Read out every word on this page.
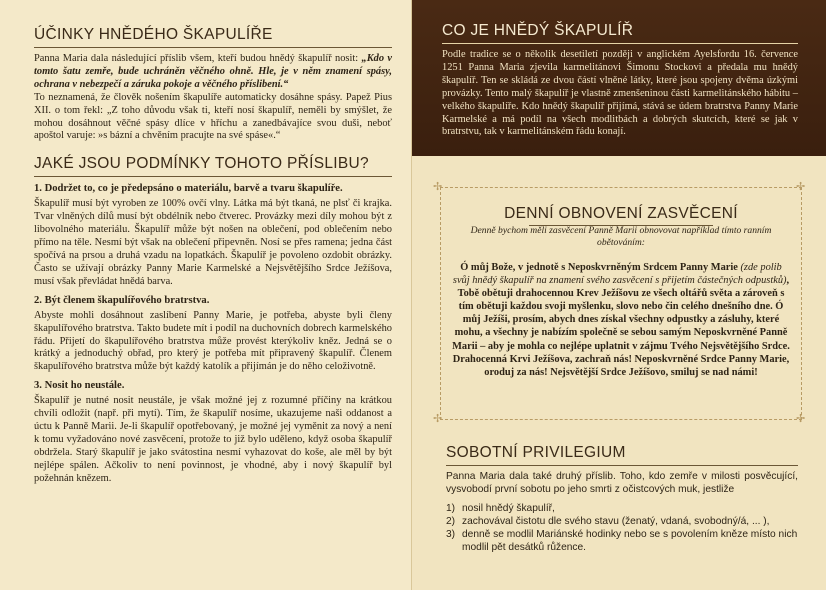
ÚČINKY HNĚDÉHO ŠKAPULÍŘE

Panna Maria dala následující příslib všem, kteří budou hnědý škapulíř nosit: „Kdo v tomto šatu zemře, bude uchráněn věčného ohně. Hle, je v něm znamení spásy, ochrana v nebezpečí a záruka pokoje a věčného příslibení.“

To neznamená, že člověk nošením škapulíře automaticky dosáhne spásy. Papež Pius XII. o tom řekl: „Z toho důvodu však ti, kteří nosí škapulíř, neměli by smýšlet, že mohou dosáhnout věčné spásy dlíce v hříchu a zanedbávajíce svou duši, neboť apoštol varuje: »s bázní a chvěním pracujte na své spáse«.“

JAKÉ JSOU PODMÍNKY TOHOTO PŘÍSLIBU?
1. Dodržet to, co je předepsáno o materiálu, barvě a tvaru škapulíře.

Škapulíř musí být vyroben ze 100% ovčí vlny. Látka má být tkaná, ne plsť či krajka. Tvar vlněných dílů musí být obdélník nebo čtverec. Provázky mezi díly mohou být z libovolného materiálu. Škapulíř může být nošen na oblečení, pod oblečením nebo přímo na těle. Nesmí být však na oblečení připevněn. Nosí se přes ramena; jedna část spočívá na prsou a druhá vzadu na lopatkách. Škapulíř je povoleno ozdobit obrázky. Často se užívají obrázky Panny Marie Karmelské a Nejsvětějšího Srdce Ježíšova, musí však převládat hnědá barva.

2. Být členem škapulířového bratrstva.

Abyste mohli dosáhnout zaslíbení Panny Marie, je potřeba, abyste byli členy škapulířového bratrstva. Takto budete mít i podíl na duchovních dobrech karmelského řádu. Přijetí do škapulířového bratrstva může provést kterýkoliv kněz. Jedná se o krátký a jednoduchý obřad, pro který je potřeba mít připravený škapulíř. Členem škapulířového bratrstva může být každý katolík a přijímán je do něho celoživotně.

3. Nosit ho neustále.

Škapulíř je nutné nosit neustále, je však možné jej z rozumné příčiny na krátkou chvíli odložit (např. při mytí). Tím, že škapulíř nosíme, ukazujeme naši oddanost a úctu k Panně Marii. Je-li škapulíř opotřebovaný, je možné jej vyměnit za nový a není k tomu vyžadováno nové zasvěcení, protože to již bylo uděleno, když osoba škapulíř obdržela. Starý škapulíř je jako svátostina nesmí vyhazovat do koše, ale měl by být nejlépe spálen. Ačkoliv to není povinnost, je vhodné, aby i nový škapulíř byl požehnán knězem.

CO JE HNĚDÝ ŠKAPULÍŘ

Podle tradice se o několik desetiletí později v anglickém Ayelsfordu 16. července 1251 Panna Maria zjevila karmelitánovi Šimonu Stockovi a předala mu hnědý škapulíř. Ten se skládá ze dvou částí vlněné látky, které jsou spojeny dvěma úzkými provázky. Tento malý škapulíř je vlastně zmenšeninou části karmelitánského hábitu – velkého škapulíře. Kdo hnědý škapulíř přijímá, stává se údem bratrstva Panny Marie Karmelské a má podíl na všech modlitbách a dobrých skutcích, které se jak v bratrstvu, tak v karmelitánském řádu konají.

✢	✢
✢	✢
DENNÍ OBNOVENÍ ZASVĚCENÍ
Denně bychom měli zasvěcení Panně Marii obnovovat například tímto ranním obětováním:
Ó můj Bože, v jednotě s Neposkvrněným Srdcem Panny Marie (zde polib svůj hnědý škapulíř na znamení svého zasvěcení s přijetím částečných odpustků), Tobě obětuji drahocennou Krev Ježíšovu ze všech oltářů světa a zároveň s tím obětuji každou svoji myšlenku, slovo nebo čin celého dnešního dne. Ó můj Ježíši, prosím, abych dnes získal všechny odpustky a zásluhy, které mohu, a všechny je nabízím společně se sebou samým Neposkvrněné Panně Marii – aby je mohla co nejlépe uplatnit v zájmu Tvého Nejsvětějšího Srdce. Drahocenná Krvi Ježíšova, zachraň nás! Neposkvrněné Srdce Panny Marie, oroduj za nás! Nejsvětější Srdce Ježíšovo, smiluj se nad námi!
SOBOTNÍ PRIVILEGIUM

Panna Maria dala také druhý příslib. Toho, kdo zemře v milosti posvěcující, vysvobodí první sobotu po jeho smrti z očistcových muk, jestliže

1) nosil hnědý škapulíř,
2) zachovával čistotu dle svého stavu (ženatý, vdaná, svobodný/á, ... ),
3) denně se modlil Mariánské hodinky nebo se s povolením kněze místo nich modlil pět desátků růžence.
